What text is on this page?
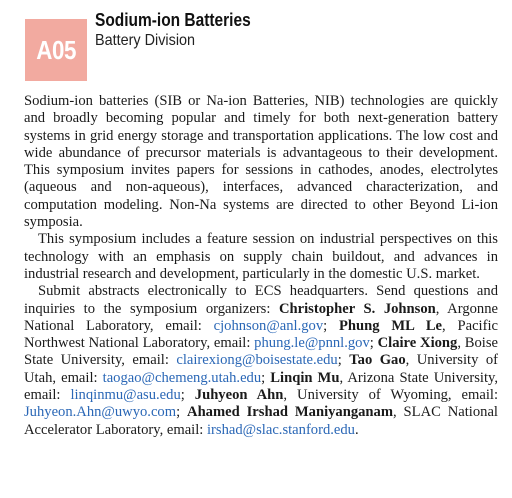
A05
Sodium-ion Batteries
Battery Division

Sodium-ion batteries (SIB or Na-ion Batteries, NIB) technologies are quickly and broadly becoming popular and timely for both next-generation battery systems in grid energy storage and transportation applications. The low cost and wide abundance of precursor materials is advantageous to their development. This symposium invites papers for sessions in cathodes, anodes, electrolytes (aqueous and non-aqueous), interfaces, advanced characterization, and computation modeling. Non-Na systems are directed to other Beyond Li-ion symposia.

This symposium includes a feature session on industrial perspectives on this technology with an emphasis on supply chain buildout, and advances in industrial research and development, particularly in the domestic U.S. market.

Submit abstracts electronically to ECS headquarters. Send questions and inquiries to the symposium organizers: Christopher S. Johnson, Argonne National Laboratory, email: cjohnson@anl.gov; Phung ML Le, Pacific Northwest National Laboratory, email: phung.le@pnnl.gov; Claire Xiong, Boise State University, email: clairexiong@boisestate.edu; Tao Gao, University of Utah, email: taogao@chemeng.utah.edu; Linqin Mu, Arizona State University, email: linqinmu@asu.edu; Juhyeon Ahn, University of Wyoming, email: Juhyeon.Ahn@uwyo.com; Ahamed Irshad Maniyanganam, SLAC National Accelerator Laboratory, email: irshad@slac.stanford.edu.
